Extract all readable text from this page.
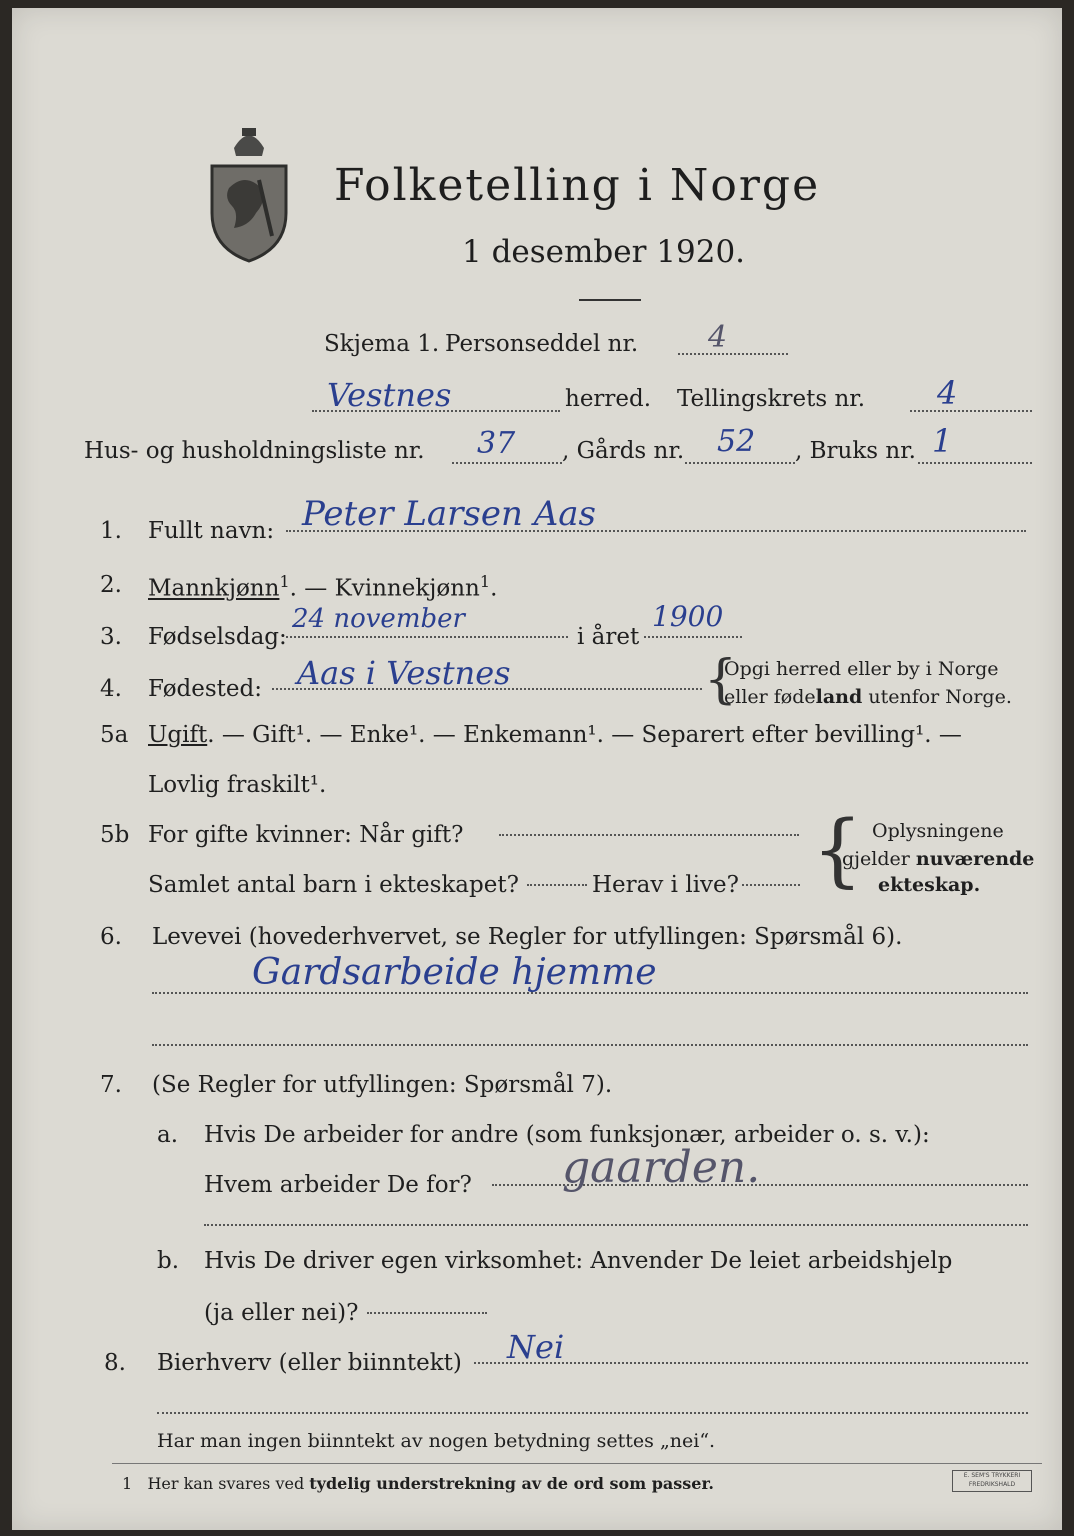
Folketelling i Norge
1 desember 1920.
Skjema 1. Personseddel nr. 4
Vestnes	herred. Tellingskrets nr. 4
Hus- og husholdningsliste nr. 37 , Gårds nr. 52 , Bruks nr. 1
1. Fullt navn: Peter Larsen Aas
2. Mannkjønn$^1$. — Kvinnekjønn$^1$.
3. Fødselsdag:
24 november
i året
1900
4. Fødested: Aas i Vestnes	{
Opgi herred eller by i Norge
eller fødeland utenfor Norge.
5a Ugift. — Gift¹. — Enke¹. — Enkemann¹. — Separert efter bevilling¹. —
Lovlig fraskilt¹.
5b For gifte kvinner: Når gift?
Samlet antal barn i ekteskapet?	Herav i live? { Oplysningene
gjelder nuværende
ekteskap.
6. Levevei (hovederhvervet, se Regler for utfyllingen: Spørsmål 6).
Gardsarbeide hjemme
7. (Se Regler for utfyllingen: Spørsmål 7).
a. Hvis De arbeider for andre (som funksjonær, arbeider o. s. v.):
Hvem arbeider De for? gaarden.
b. Hvis De driver egen virksomhet: Anvender De leiet arbeidshjelp
(ja eller nei)?
8. Bierhverv (eller biinntekt) Nei
Har man ingen biinntekt av nogen betydning settes „nei“.
1 Her kan svares ved tydelig understrekning av de ord som passer.	E. SEM'S TRYKKERI FREDRIKSHALD
